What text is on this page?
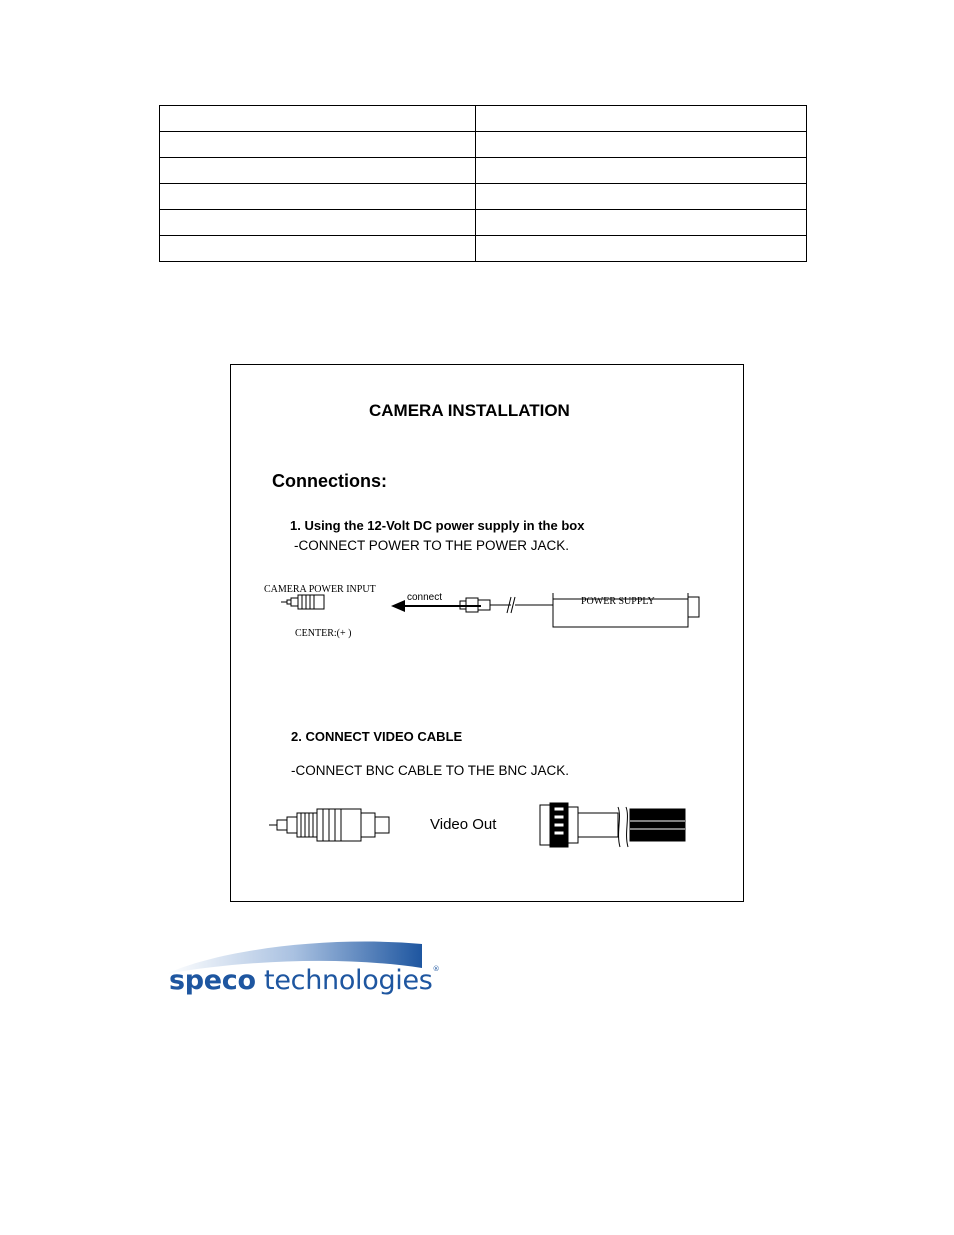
CAMERA INSTALLATION
Connections:
1. Using the 12-Volt DC power supply in the box
-CONNECT POWER TO THE POWER JACK.
CAMERA POWER INPUT
CENTER:(+ )
connect	POWER SUPPLY
2. CONNECT VIDEO CABLE
-CONNECT BNC CABLE TO THE BNC JACK.
Video Out
speco technologies®
